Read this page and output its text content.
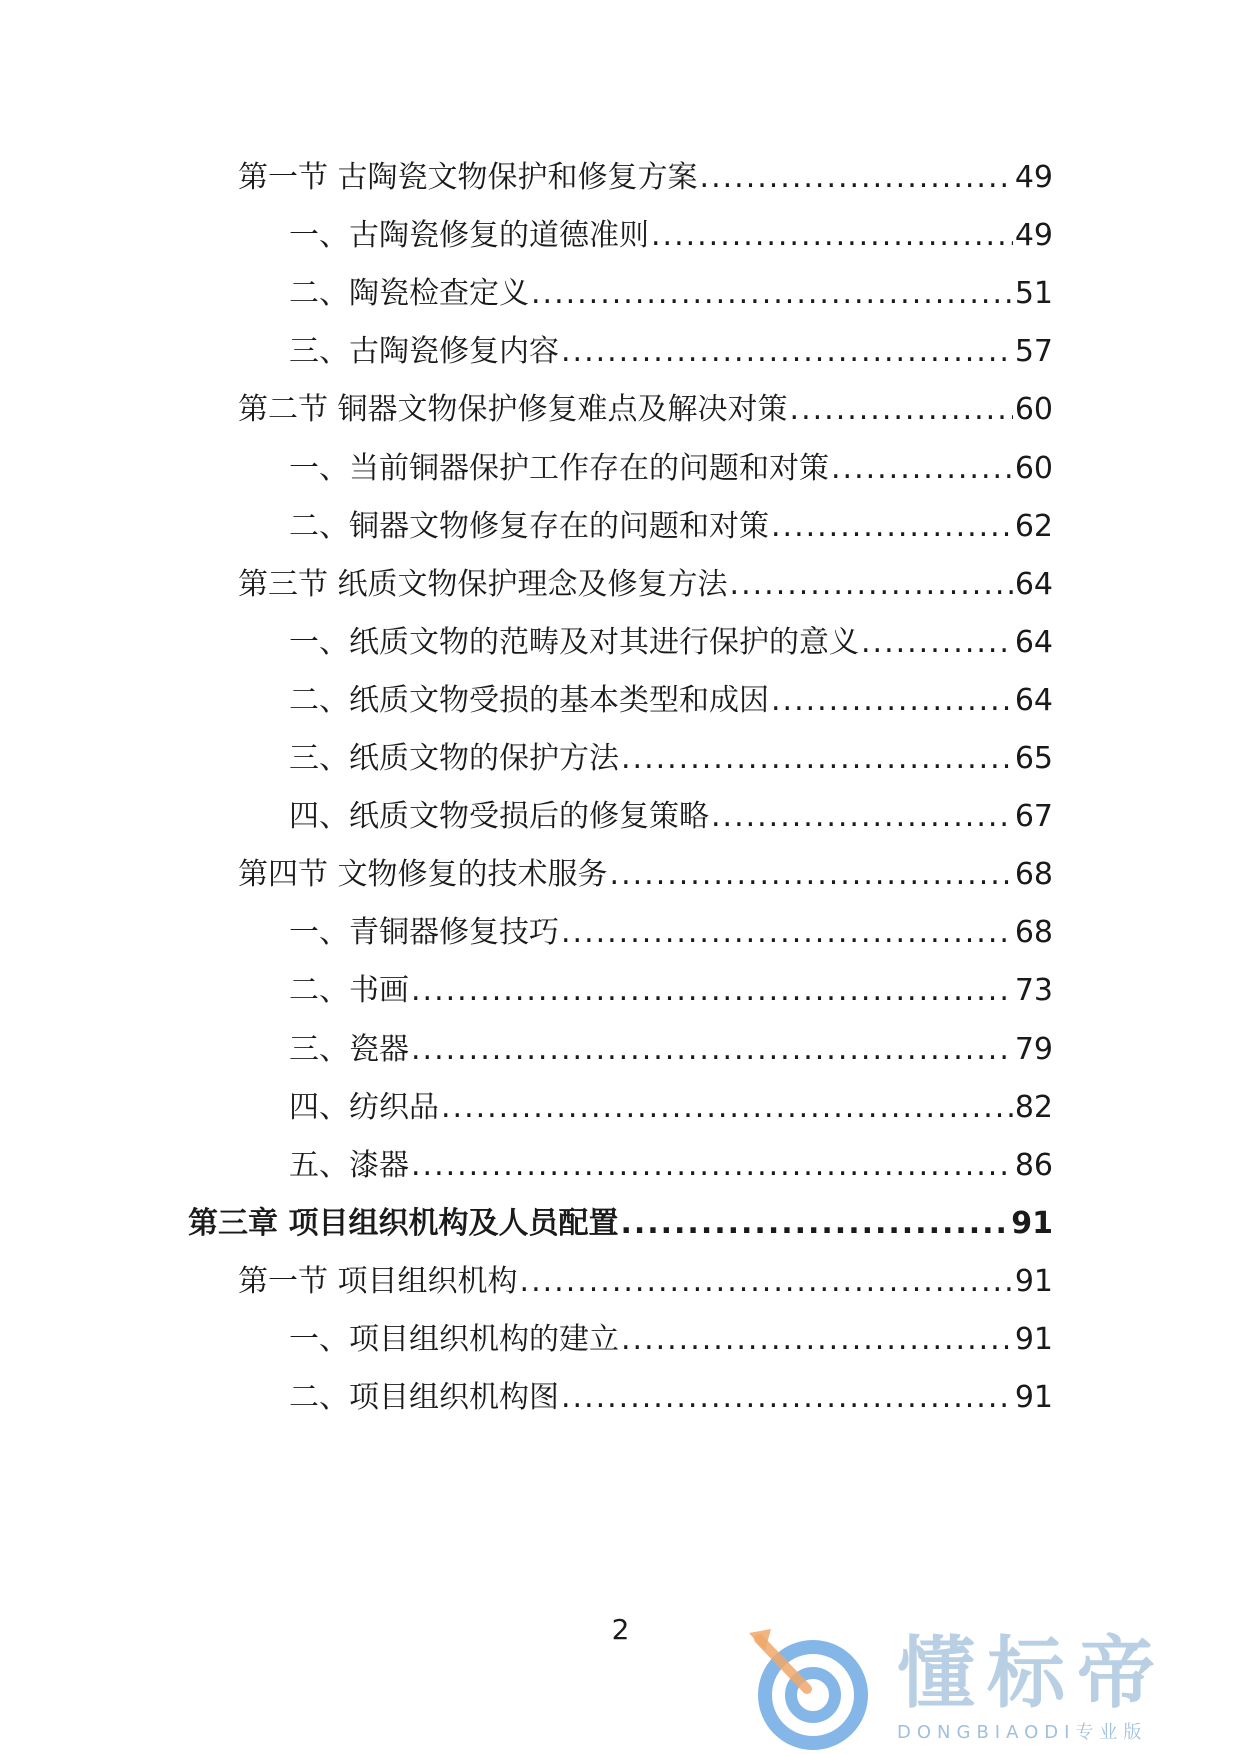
第一节 古陶瓷文物保护和修复方案 .....	49
一、古陶瓷修复的道德准则 .....	49
二、陶瓷检查定义 .....	51
三、古陶瓷修复内容 .....	57
第二节 铜器文物保护修复难点及解决对策 .....	60
一、当前铜器保护工作存在的问题和对策 .....	60
二、铜器文物修复存在的问题和对策 .....	62
第三节 纸质文物保护理念及修复方法 .....	64
一、纸质文物的范畴及对其进行保护的意义 .....	64
二、纸质文物受损的基本类型和成因 .....	64
三、纸质文物的保护方法 .....	65
四、纸质文物受损后的修复策略 .....	67
第四节 文物修复的技术服务 .....	68
一、青铜器修复技巧 .....	68
二、书画 .....	73
三、瓷器 .....	79
四、纺织品 .....	82
五、漆器 .....	86
第三章 项目组织机构及人员配置 .....	91
第一节 项目组织机构 .....	91
一、项目组织机构的建立 .....	91
二、项目组织机构图 .....	91
2	懂标帝
DONGBIAODI专业版
